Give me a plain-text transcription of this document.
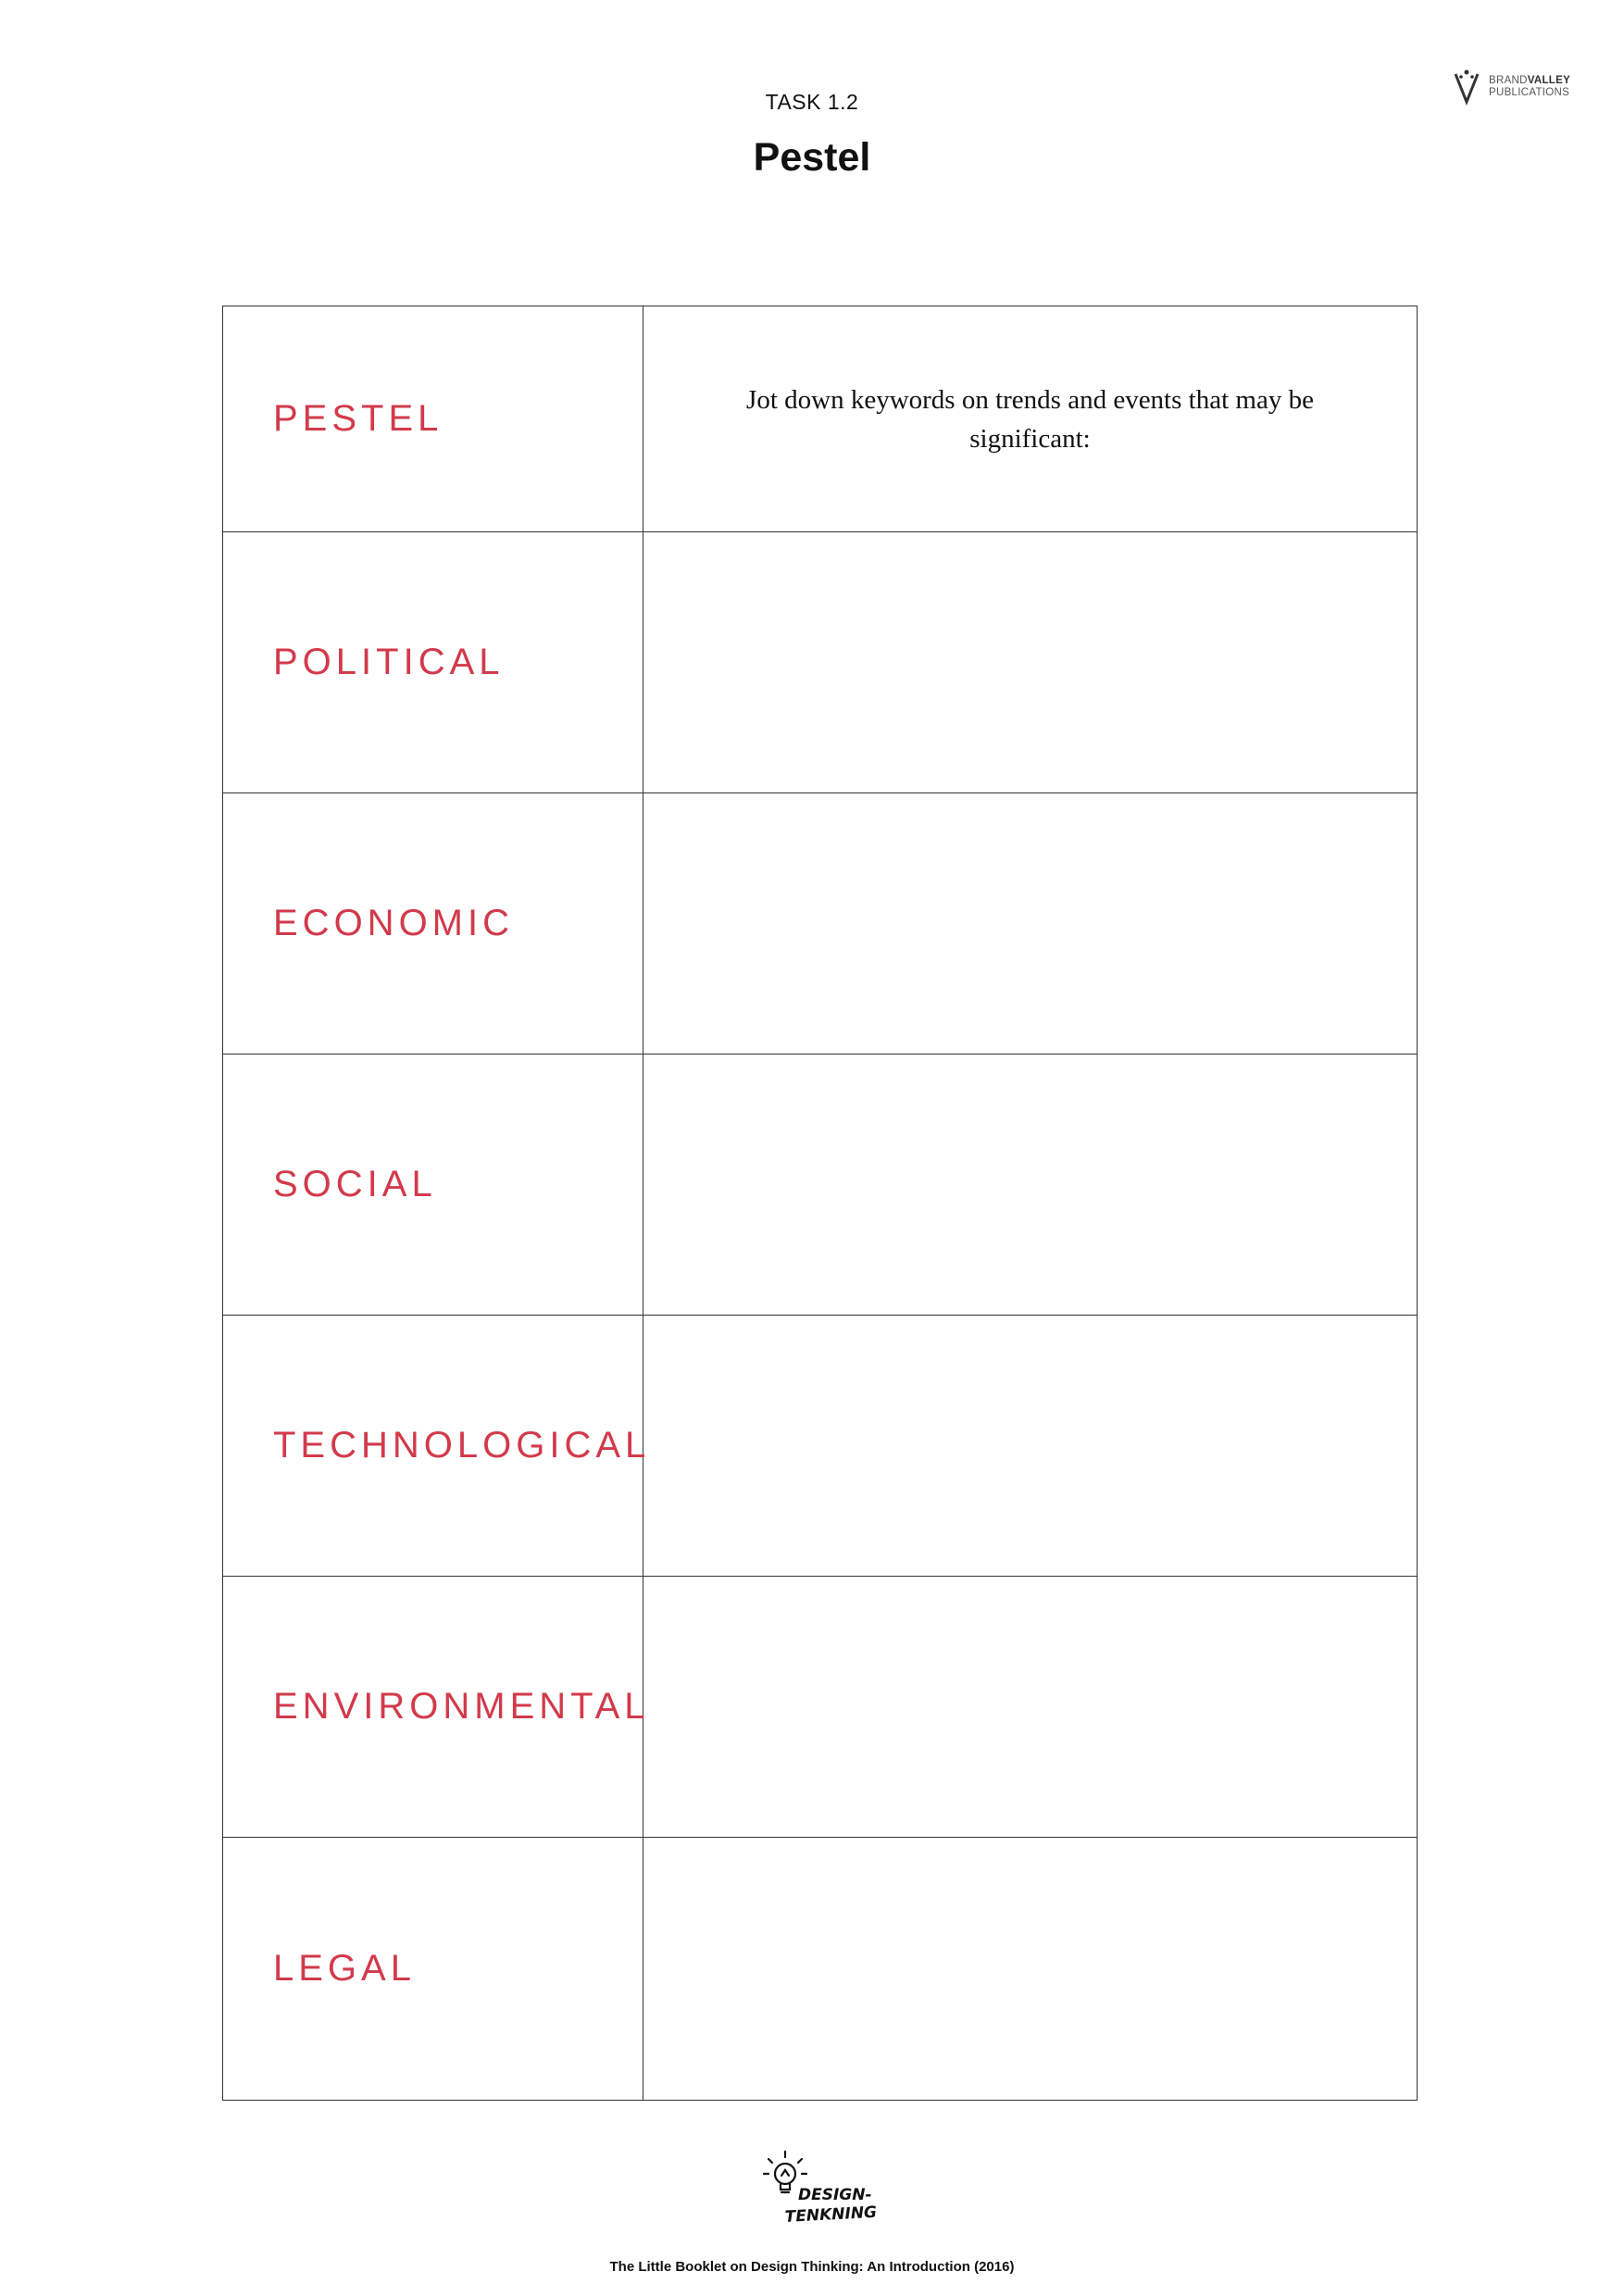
BRANDVALLEY
PUBLICATIONS
TASK 1.2
Pestel
PESTEL	Jot down keywords on trends and events that may be significant:
POLITICAL	
ECONOMIC	
SOCIAL	
TECHNOLOGICAL	
ENVIRONMENTAL	
LEGAL	
DESIGN-
TENKNING
The Little Booklet on Design Thinking: An Introduction (2016)
